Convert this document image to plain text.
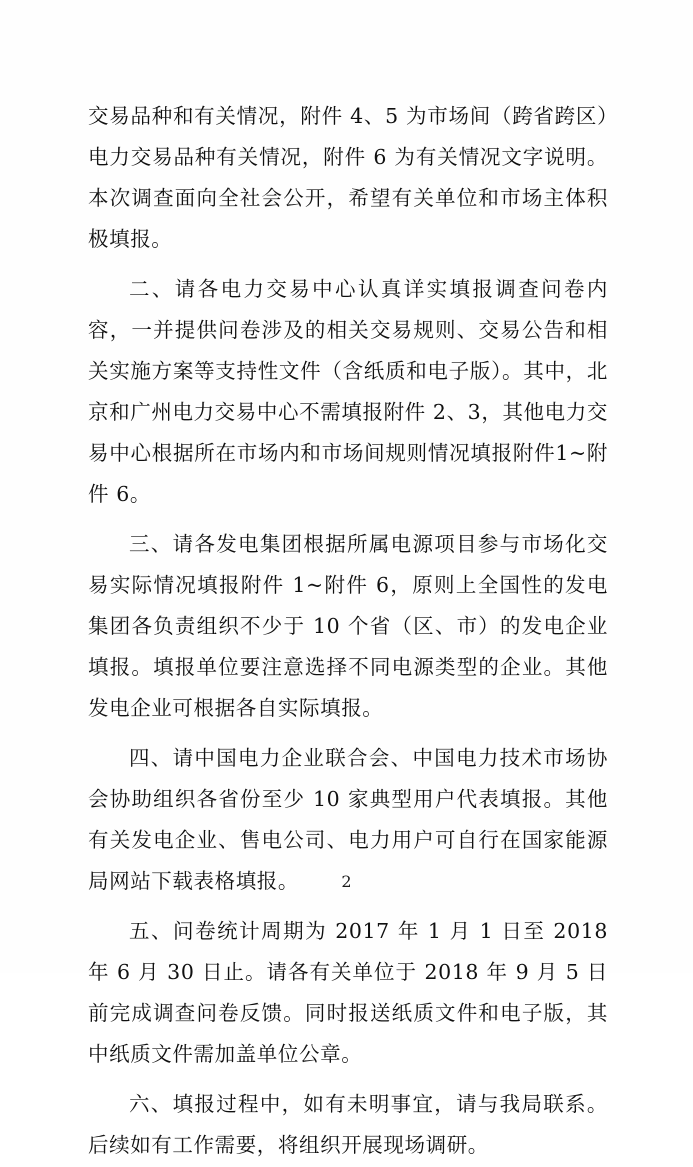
交易品种和有关情况，附件 4、5 为市场间（跨省跨区）电力交易品种有关情况，附件 6 为有关情况文字说明。本次调查面向全社会公开，希望有关单位和市场主体积极填报。

二、请各电力交易中心认真详实填报调查问卷内容，一并提供问卷涉及的相关交易规则、交易公告和相关实施方案等支持性文件（含纸质和电子版）。其中，北京和广州电力交易中心不需填报附件 2、3，其他电力交易中心根据所在市场内和市场间规则情况填报附件1~附件 6。

三、请各发电集团根据所属电源项目参与市场化交易实际情况填报附件 1~附件 6，原则上全国性的发电集团各负责组织不少于 10 个省（区、市）的发电企业填报。填报单位要注意选择不同电源类型的企业。其他发电企业可根据各自实际填报。

四、请中国电力企业联合会、中国电力技术市场协会协助组织各省份至少 10 家典型用户代表填报。其他有关发电企业、售电公司、电力用户可自行在国家能源局网站下载表格填报。

五、问卷统计周期为 2017 年 1 月 1 日至 2018 年 6 月 30 日止。请各有关单位于 2018 年 9 月 5 日前完成调查问卷反馈。同时报送纸质文件和电子版，其中纸质文件需加盖单位公章。

六、填报过程中，如有未明事宜，请与我局联系。后续如有工作需要，将组织开展现场调研。

2
